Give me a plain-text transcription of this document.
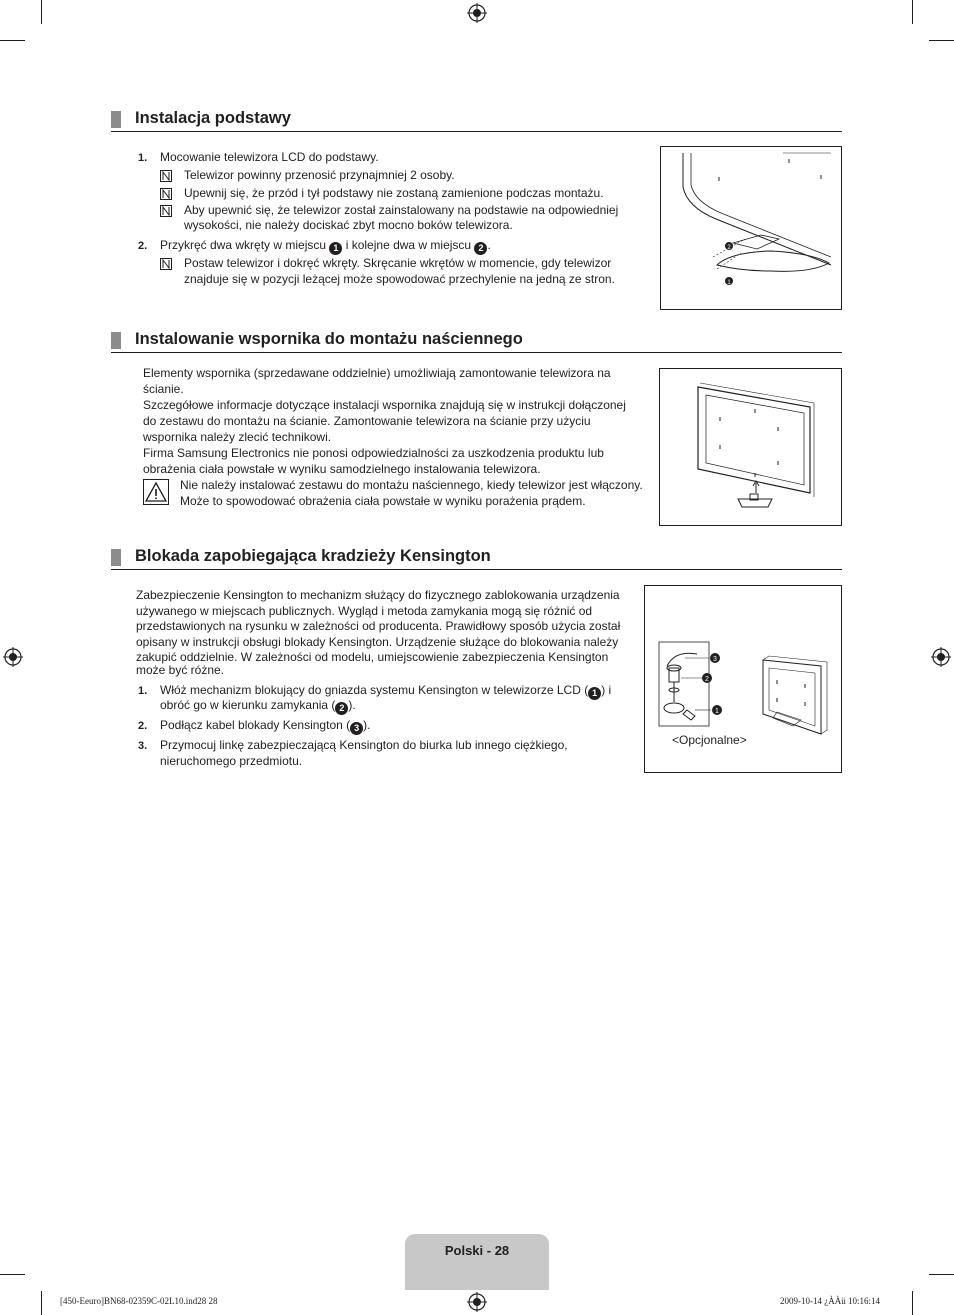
Instalacja podstawy
1. Mocowanie telewizora LCD do podstawy.
Telewizor powinny przenosić przynajmniej 2 osoby.
Upewnij się, że przód i tył podstawy nie zostaną zamienione podczas montażu.
Aby upewnić się, że telewizor został zainstalowany na podstawie na odpowiedniej
wysokości, nie należy dociskać zbyt mocno boków telewizora.
2. Przykręć dwa wkręty w miejscu 1 i kolejne dwa w miejscu 2 .
Postaw telewizor i dokręć wkręty. Skręcanie wkrętów w momencie, gdy telewizor
znajduje się w pozycji leżącej może spowodować przechylenie na jedną ze stron.
2
1
Instalowanie wspornika do montażu naściennego
Elementy wspornika (sprzedawane oddzielnie) umożliwiają zamontowanie telewizora na
ścianie.
Szczegółowe informacje dotyczące instalacji wspornika znajdują się w instrukcji dołączonej
do zestawu do montażu na ścianie. Zamontowanie telewizora na ścianie przy użyciu
wspornika należy zlecić technikowi.
Firma Samsung Electronics nie ponosi odpowiedzialności za uszkodzenia produktu lub
obrażenia ciała powstałe w wyniku samodzielnego instalowania telewizora.
Nie należy instalować zestawu do montażu naściennego, kiedy telewizor jest włączony.
Może to spowodować obrażenia ciała powstałe w wyniku porażenia prądem.
Blokada zapobiegająca kradzieży Kensington
Zabezpieczenie Kensington to mechanizm służący do fizycznego zablokowania urządzenia
używanego w miejscach publicznych. Wygląd i metoda zamykania mogą się różnić od
przedstawionych na rysunku w zależności od producenta. Prawidłowy sposób użycia został
opisany w instrukcji obsługi blokady Kensington. Urządzenie służące do blokowania należy
zakupić oddzielnie. W zależności od modelu, umiejscowienie zabezpieczenia Kensington
może być różne.
1. Włóż mechanizm blokujący do gniazda systemu Kensington w telewizorze LCD ( 1 ) i
obróć go w kierunku zamykania ( 2 ).
2. Podłącz kabel blokady Kensington ( 3 ).
3. Przymocuj linkę zabezpieczającą Kensington do biurka lub innego ciężkiego,
nieruchomego przedmiotu.
3
2
1
<Opcjonalne>
Polski - 28
[450-Eeuro]BN68-02359C-02L10.ind28 28	2009-10-14 ¿ÀÀü 10:16:14
